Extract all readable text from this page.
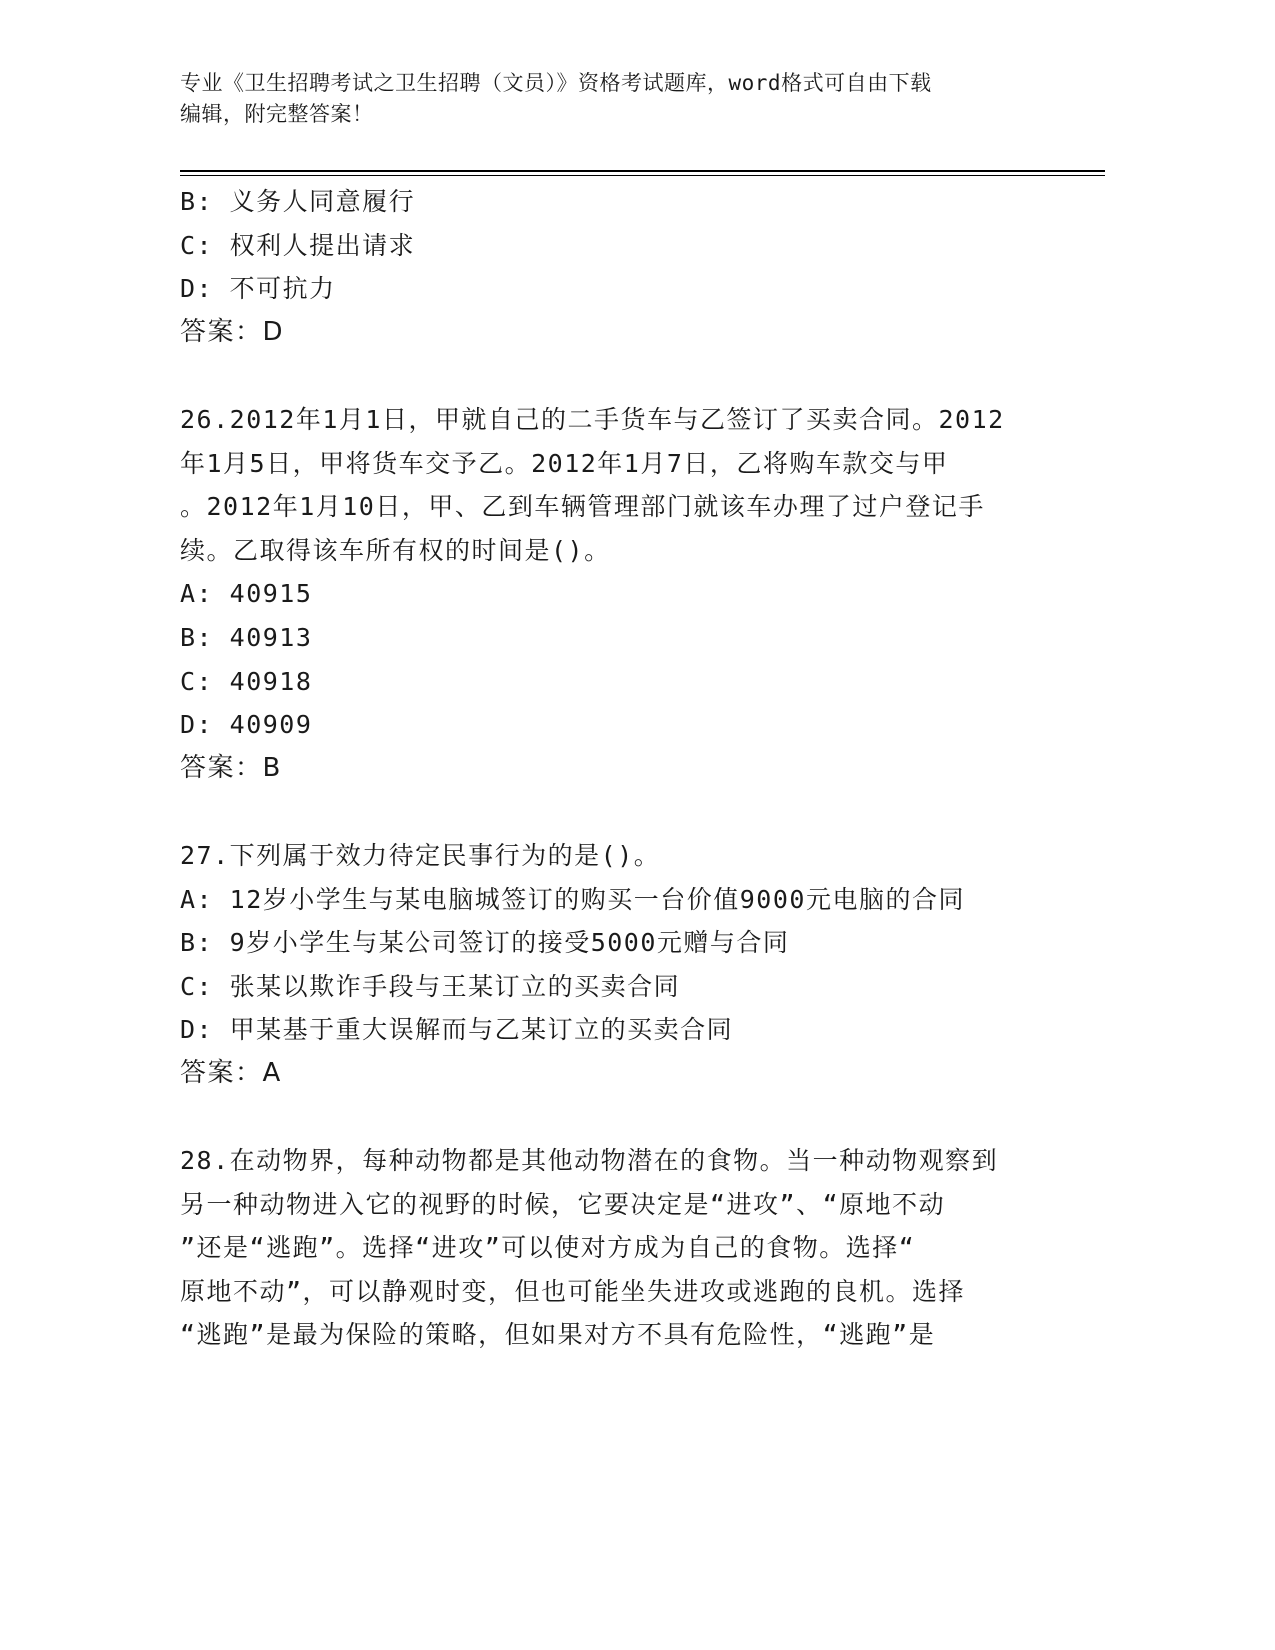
专业《卫生招聘考试之卫生招聘（文员）》资格考试题库，word格式可自由下载
编辑，附完整答案！
B: 义务人同意履行
C: 权利人提出请求
D: 不可抗力
答案：D
26.2012年1月1日，甲就自己的二手货车与乙签订了买卖合同。2012
年1月5日，甲将货车交予乙。2012年1月7日，乙将购车款交与甲
。2012年1月10日，甲、乙到车辆管理部门就该车办理了过户登记手
续。乙取得该车所有权的时间是()。
A: 40915
B: 40913
C: 40918
D: 40909
答案：B
27.下列属于效力待定民事行为的是()。
A: 12岁小学生与某电脑城签订的购买一台价值9000元电脑的合同
B: 9岁小学生与某公司签订的接受5000元赠与合同
C: 张某以欺诈手段与王某订立的买卖合同
D: 甲某基于重大误解而与乙某订立的买卖合同
答案：A
28.在动物界，每种动物都是其他动物潜在的食物。当一种动物观察到
另一种动物进入它的视野的时候，它要决定是“进攻”、“原地不动
”还是“逃跑”。选择“进攻”可以使对方成为自己的食物。选择“
原地不动”，可以静观时变，但也可能坐失进攻或逃跑的良机。选择
“逃跑”是最为保险的策略，但如果对方不具有危险性，“逃跑”是
